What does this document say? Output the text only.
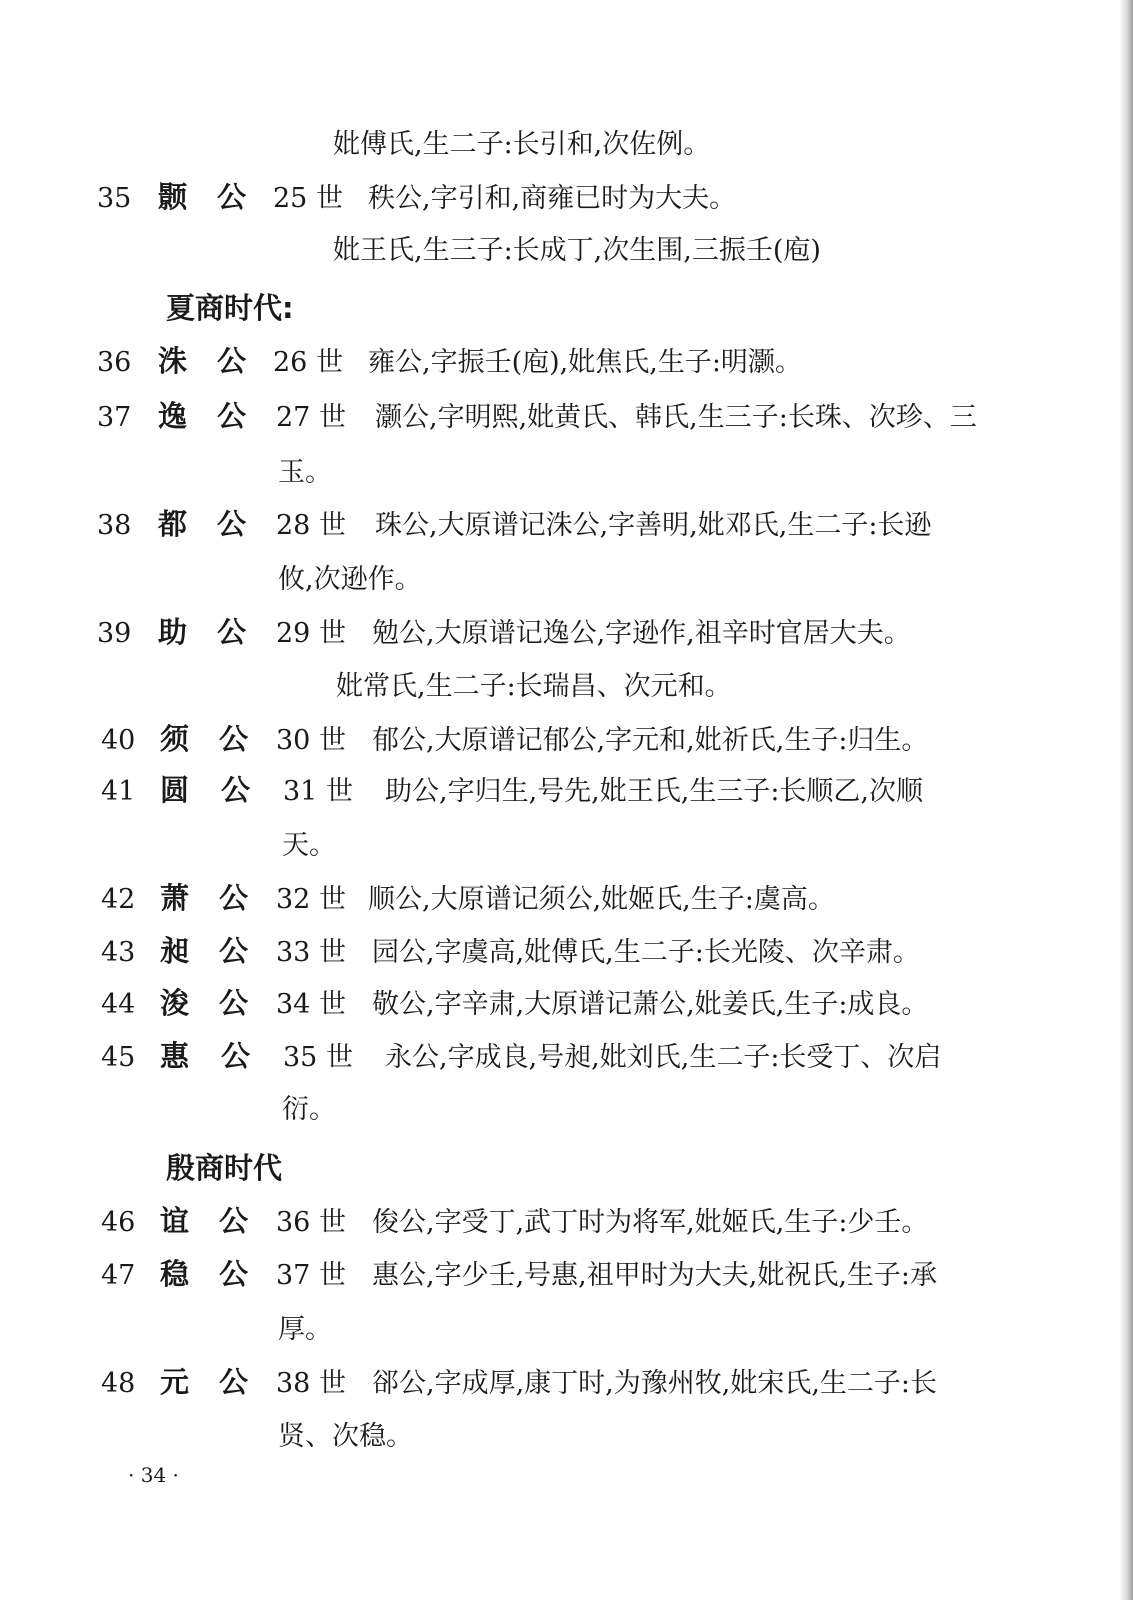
妣傅氏,生二子:长引和,次佐例。
35 颢 公 25 世 秩公,字引和,商雍已时为大夫。
妣王氏,生三子:长成丁,次生围,三振壬(庖)
夏商时代:
36 洙 公 26 世 雍公,字振壬(庖),妣焦氏,生子:明灏。
37 逸 公 27 世 灏公,字明熙,妣黄氏、韩氏,生三子:长珠、次珍、三
玉。
38 都 公 28 世 珠公,大原谱记洙公,字善明,妣邓氏,生二子:长逊
攸,次逊作。
39 助 公 29 世 勉公,大原谱记逸公,字逊作,祖辛时官居大夫。
妣常氏,生二子:长瑞昌、次元和。
40 须 公 30 世 郁公,大原谱记郁公,字元和,妣祈氏,生子:归生。
41 圆 公 31 世 助公,字归生,号先,妣王氏,生三子:长顺乙,次顺
天。
42 萧 公 32 世 顺公,大原谱记须公,妣姬氏,生子:虞高。
43 昶 公 33 世 园公,字虞高,妣傅氏,生二子:长光陵、次辛肃。
44 浚 公 34 世 敬公,字辛肃,大原谱记萧公,妣姜氏,生子:成良。
45 惠 公 35 世 永公,字成良,号昶,妣刘氏,生二子:长受丁、次启
衍。
殷商时代
46 谊 公 36 世 俊公,字受丁,武丁时为将军,妣姬氏,生子:少壬。
47 稳 公 37 世 惠公,字少壬,号惠,祖甲时为大夫,妣祝氏,生子:承
厚。
48 元 公 38 世 郤公,字成厚,康丁时,为豫州牧,妣宋氏,生二子:长
贤、次稳。
· 34 ·
